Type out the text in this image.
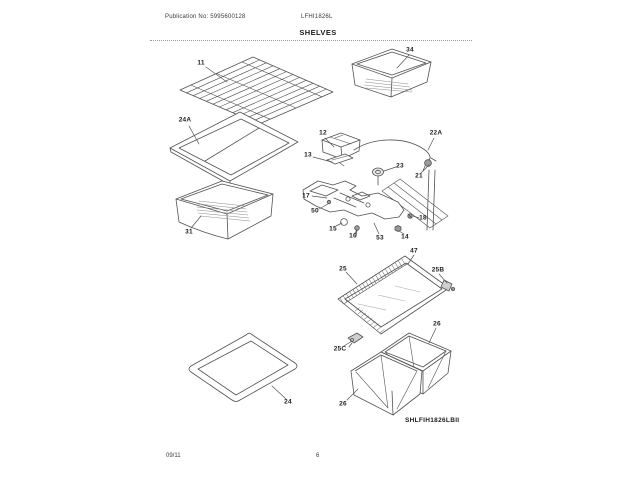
Publication No: 5995600128	LFHI1826L
SHELVES
11
34
24A
12	22A
13
23
21
17
50
15
16	53	14
18
47
25	25B
26
25C
26
24
31
SHLFIH1826LBII
09/11	6
